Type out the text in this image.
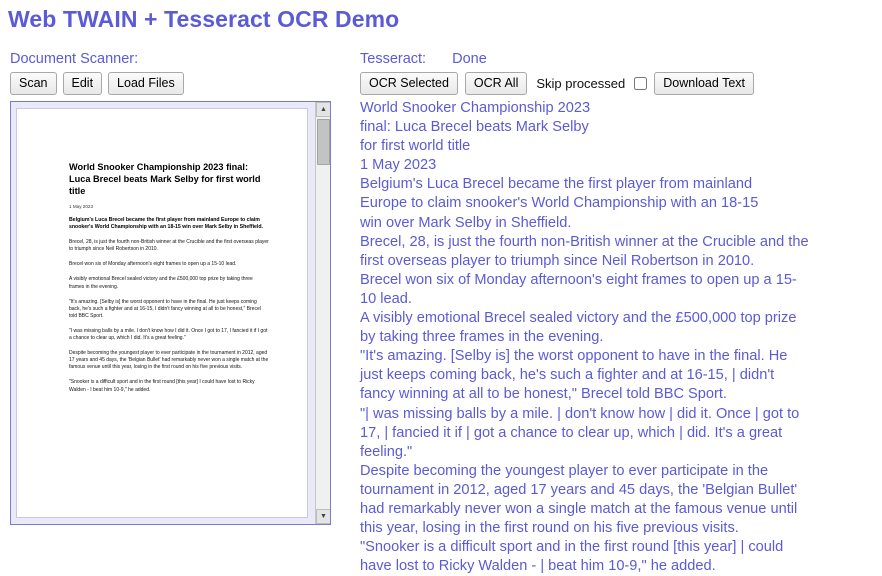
Web TWAIN + Tesseract OCR Demo
Document Scanner:
Scan	Edit	Load Files
World Snooker Championship 2023 final: Luca Brecel beats Mark Selby for first world title
1 May 2023
Belgium's Luca Brecel became the first player from mainland Europe to claim snooker's World Championship with an 18-15 win over Mark Selby in Sheffield.
Brecel, 28, is just the fourth non-British winner at the Crucible and the first overseas player to triumph since Neil Robertson in 2010.
Brecel won six of Monday afternoon's eight frames to open up a 15-10 lead.
A visibly emotional Brecel sealed victory and the £500,000 top prize by taking three frames in the evening.
"It's amazing. [Selby is] the worst opponent to have in the final. He just keeps coming back, he's such a fighter and at 16-15, I didn't fancy winning at all to be honest," Brecel told BBC Sport.
"I was missing balls by a mile. I don't know how I did it. Once I got to 17, I fancied it if I got a chance to clear up, which I did. It's a great feeling."
Despite becoming the youngest player to ever participate in the tournament in 2012, aged 17 years and 45 days, the 'Belgian Bullet' had remarkably never won a single match at the famous venue until this year, losing in the first round on his five previous visits.
"Snooker is a difficult sport and in the first round [this year] I could have lost to Ricky Walden - I beat him 10-9," he added.
▲
▼
Tesseract: Done
OCR Selected	OCR All	Skip processed	Download Text

World Snooker Championship 2023

final: Luca Brecel beats Mark Selby

for first world title

1 May 2023

Belgium's Luca Brecel became the first player from mainland

Europe to claim snooker's World Championship with an 18-15

win over Mark Selby in Sheffield.

Brecel, 28, is just the fourth non-British winner at the Crucible and the

first overseas player to triumph since Neil Robertson in 2010.

Brecel won six of Monday afternoon's eight frames to open up a 15-

10 lead.

A visibly emotional Brecel sealed victory and the £500,000 top prize

by taking three frames in the evening.

"It's amazing. [Selby is] the worst opponent to have in the final. He

just keeps coming back, he's such a fighter and at 16-15, | didn't

fancy winning at all to be honest," Brecel told BBC Sport.

"| was missing balls by a mile. | don't know how | did it. Once | got to

17, | fancied it if | got a chance to clear up, which | did. It's a great

feeling."

Despite becoming the youngest player to ever participate in the

tournament in 2012, aged 17 years and 45 days, the 'Belgian Bullet'

had remarkably never won a single match at the famous venue until

this year, losing in the first round on his five previous visits.

"Snooker is a difficult sport and in the first round [this year] | could

have lost to Ricky Walden - | beat him 10-9," he added.
